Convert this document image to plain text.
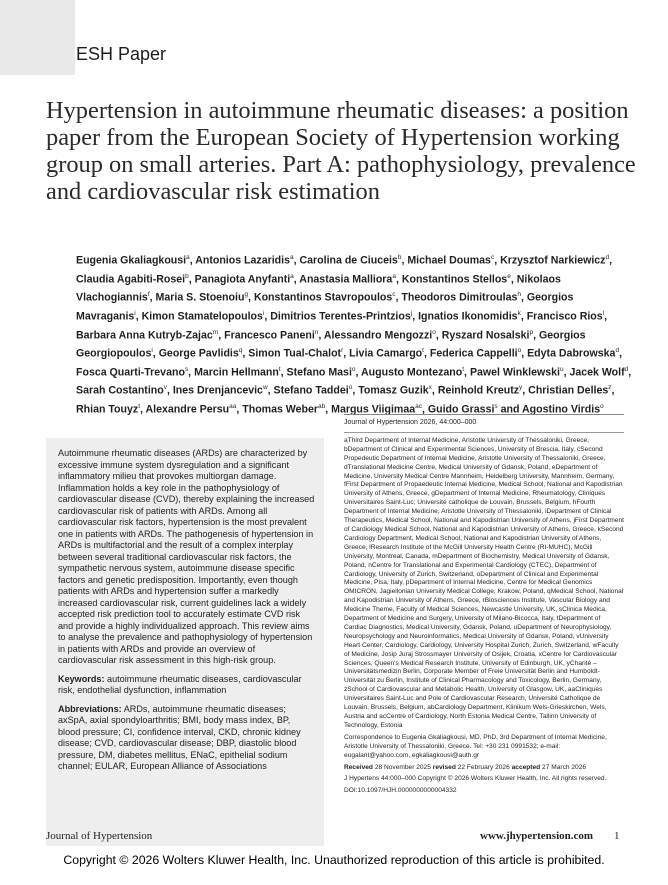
ESH Paper
Hypertension in autoimmune rheumatic diseases: a position paper from the European Society of Hypertension working group on small arteries. Part A: pathophysiology, prevalence and cardiovascular risk estimation
Eugenia Gkaliagkousi$^a$, Antonios Lazaridis$^a$, Carolina de Ciuceis$^b$, Michael Doumas$^c$, Krzysztof Narkiewicz$^d$, Claudia Agabiti-Rosei$^b$, Panagiota Anyfanti$^a$, Anastasia Malliora$^a$, Konstantinos Stellos$^e$, Nikolaos Vlachogiannis$^f$, Maria S. Stoenoiu$^g$, Konstantinos Stavropoulos$^c$, Theodoros Dimitroulas$^h$, Georgios Mavraganis$^i$, Kimon Stamatelopoulos$^i$, Dimitrios Terentes-Printzios$^j$, Ignatios Ikonomidis$^k$, Francisco Rios$^l$, Barbara Anna Kutryb-Zajac$^m$, Francesco Paneni$^n$, Alessandro Mengozzi$^o$, Ryszard Nosalski$^p$, Georgios Georgiopoulos$^i$, George Pavlidis$^q$, Simon Tual-Chalot$^r$, Livia Camargo$^t$, Federica Cappelli$^o$, Edyta Dabrowska$^d$, Fosca Quarti-Trevano$^s$, Marcin Hellmann$^t$, Stefano Masi$^o$, Augusto Montezano$^t$, Pawel Winklewski$^u$, Jacek Wolf$^d$, Sarah Costantino$^v$, Ines Drenjancevic$^w$, Stefano Taddei$^o$, Tomasz Guzik$^x$, Reinhold Kreutz$^y$, Christian Delles$^z$, Rhian Touyz$^t$, Alexandre Persu$^{aa}$, Thomas Weber$^{ab}$, Margus Viigimaa$^{ac}$, Guido Grassi$^s$ and Agostino Virdis$^o$

Autoimmune rheumatic diseases (ARDs) are characterized by excessive immune system dysregulation and a significant inflammatory milieu that provokes multiorgan damage. Inflammation holds a key role in the pathophysiology of cardiovascular disease (CVD), thereby explaining the increased cardiovascular risk of patients with ARDs. Among all cardiovascular risk factors, hypertension is the most prevalent one in patients with ARDs. The pathogenesis of hypertension in ARDs is multifactorial and the result of a complex interplay between several traditional cardiovascular risk factors, the sympathetic nervous system, autoimmune disease specific factors and genetic predisposition. Importantly, even though patients with ARDs and hypertension suffer a markedly increased cardiovascular risk, current guidelines lack a widely accepted risk prediction tool to accurately estimate CVD risk and provide a highly individualized approach. This review aims to analyse the prevalence and pathophysiology of hypertension in patients with ARDs and provide an overview of cardiovascular risk assessment in this high-risk group.

Keywords: autoimmune rheumatic diseases, cardiovascular risk, endothelial dysfunction, inflammation

Abbreviations: ARDs, autoimmune rheumatic diseases; axSpA, axial spondyloarthritis; BMI, body mass index, BP, blood pressure; CI, confidence interval, CKD, chronic kidney disease; CVD, cardiovascular disease; DBP, diastolic blood pressure, DM, diabetes mellitus, ENaC, epithelial sodium channel; EULAR, European Alliance of Associations

Journal of Hypertension 2026, 44:000–000

aThird Department of Internal Medicine, Aristotle University of Thessaloniki, Greece, bDepartment of Clinical and Experimental Sciences, University of Brescia, Italy, cSecond Propedeutic Department of Internal Medicine, Aristotle University of Thessaloniki, Greece, dTranslational Medicine Centre, Medical University of Gdansk, Poland, eDepartment of Medicine, University Medical Centre Mannheim, Heidelberg University, Mannheim, Germany, fFirst Department of Propaedeutic Internal Medicine, Medical School, National and Kapodistrian University of Athens, Greece, gDepartment of Internal Medicine, Rheumatology, Cliniques Universitaires Saint-Luc; Université catholique de Louvain, Brussels, Belgium, hFourth Department of Internal Medicine, Aristotle University of Thessaloniki, iDepartment of Clinical Therapeutics, Medical School, National and Kapodistrian University of Athens, jFirst Department of Cardiology Medical School, National and Kapodistrian University of Athens, Greece, kSecond Cardiology Department, Medical School, National and Kapodistrian University of Athens, Greece, lResearch Institute of the McGill University Health Centre (RI-MUHC), McGill University, Montreal, Canada, mDepartment of Biochemistry, Medical University of Gdansk, Poland, nCentre for Translational and Experimental Cardiology (CTEC), Department of Cardiology, University of Zurich, Switzerland, oDepartment of Clinical and Experimental Medicine, Pisa, Italy, pDepartment of Internal Medicine, Centre for Medical Genomics OMICRON, Jagiellonian University Medical College, Krakow, Poland, qMedical School, National and Kapodistrian University of Athens, Greece, rBiosciences Institute, Vascular Biology and Medicine Theme, Faculty of Medical Sciences, Newcastle University, UK, sClinica Medica, Department of Medicine and Surgery, University of Milano-Bicocca, Italy, tDepartment of Cardiac Diagnostics, Medical University, Gdansk, Poland, uDepartment of Neurophysiology, Neuropsychology and Neuroinformatics, Medical University of Gdansk, Poland, vUniversity Heart Center, Cardiology, Cardiology, University Hospital Zurich, Zurich, Switzerland, wFaculty of Medicine, Josip Juraj Strossmayer University of Osijek, Croatia, xCentre for Cardiovascular Sciences, Queen's Medical Research Institute, University of Edinburgh, UK, yCharité – Universitätsmedizin Berlin, Corporate Member of Freie Universität Berlin and Humboldt-Universität zu Berlin, Institute of Clinical Pharmacology and Toxicology, Berlin, Germany, zSchool of Cardiovascular and Metabolic Health, University of Glasgow, UK, aaCliniques Universitaires Saint-Luc and Pole of Cardiovascular Research, Université Catholique de Louvain, Brussels, Belgium, abCardiology Department, Klinikum Wels-Grieskirchen, Wels, Austria and acCentre of Cardiology, North Estonia Medical Centre, Tallinn University of Technology, Estonia

Correspondence to Eugenia Gkaliagkousi, MD, PhD, 3rd Department of Internal Medicine, Aristotle University of Thessaloniki, Greece. Tel: +30 231 0991532; e-mail: eugalant@yahoo.com, egkaliagkousi@auth.gr

Received 28 November 2025 revised 22 February 2026 accepted 27 March 2026

J Hypertens 44:000–000 Copyright © 2026 Wolters Kluwer Health, Inc. All rights reserved.

DOI:10.1097/HJH.0000000000004332

Journal of Hypertension	www.jhypertension.com 1
Copyright © 2026 Wolters Kluwer Health, Inc. Unauthorized reproduction of this article is prohibited.
